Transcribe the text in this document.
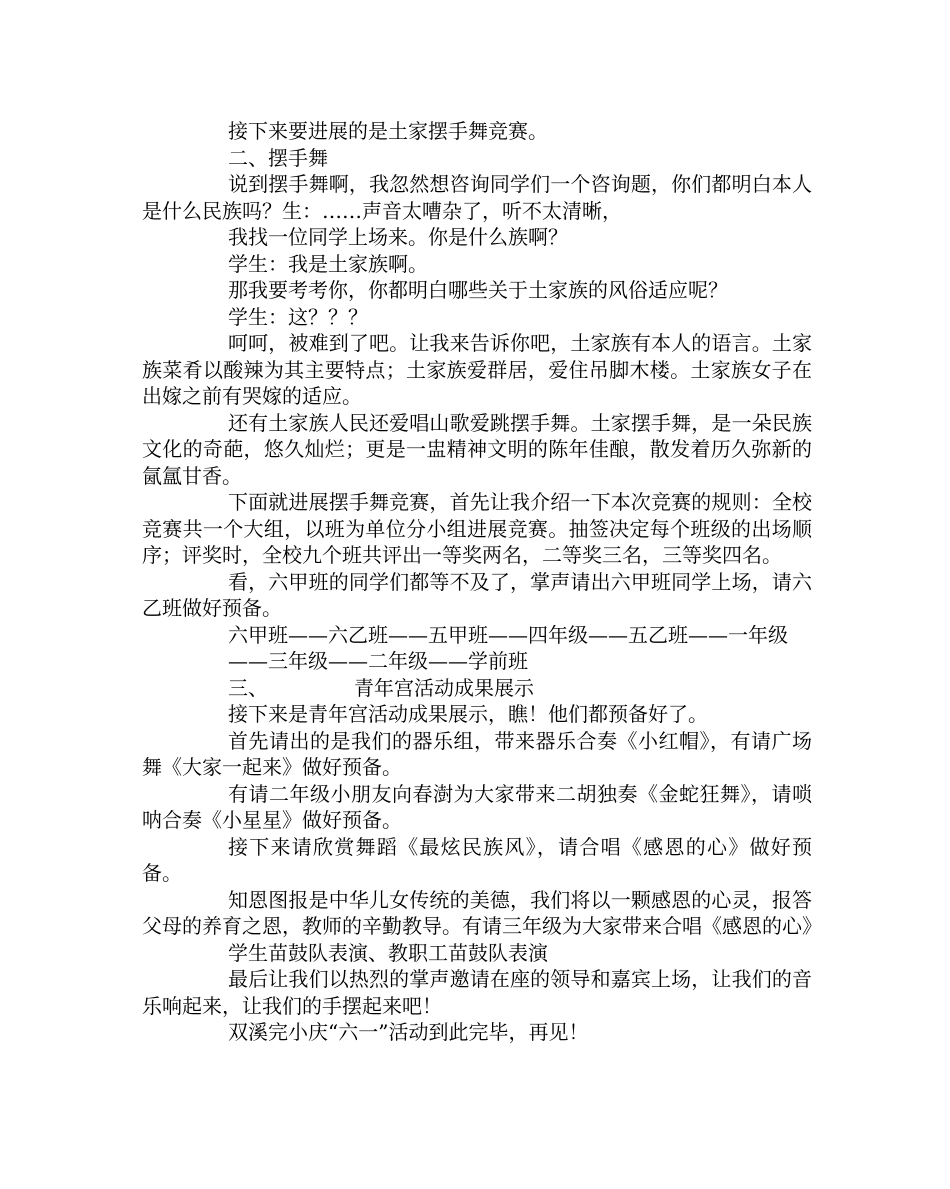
接下来要进展的是土家摆手舞竞赛。

二、摆手舞

说到摆手舞啊，我忽然想咨询同学们一个咨询题，你们都明白本人是什么民族吗？生：……声音太嘈杂了，听不太清晰，

我找一位同学上场来。你是什么族啊？

学生：我是土家族啊。

那我要考考你，你都明白哪些关于土家族的风俗适应呢？

学生：这？？？

呵呵，被难到了吧。让我来告诉你吧，土家族有本人的语言。土家族菜肴以酸辣为其主要特点；土家族爱群居，爱住吊脚木楼。土家族女子在出嫁之前有哭嫁的适应。

还有土家族人民还爱唱山歌爱跳摆手舞。土家摆手舞，是一朵民族文化的奇葩，悠久灿烂；更是一盅精神文明的陈年佳酿，散发着历久弥新的氤氲甘香。

下面就进展摆手舞竞赛，首先让我介绍一下本次竞赛的规则：全校竞赛共一个大组，以班为单位分小组进展竞赛。抽签决定每个班级的出场顺序；评奖时，全校九个班共评出一等奖两名，二等奖三名，三等奖四名。

看，六甲班的同学们都等不及了，掌声请出六甲班同学上场，请六乙班做好预备。

六甲班——六乙班——五甲班——四年级——五乙班——一年级

——三年级——二年级——学前班

三、	青年宫活动成果展示

接下来是青年宫活动成果展示，瞧！他们都预备好了。

首先请出的是我们的器乐组，带来器乐合奏《小红帽》，有请广场舞《大家一起来》做好预备。

有请二年级小朋友向春澍为大家带来二胡独奏《金蛇狂舞》，请唢呐合奏《小星星》做好预备。

接下来请欣赏舞蹈《最炫民族风》，请合唱《感恩的心》做好预备。

知恩图报是中华儿女传统的美德，我们将以一颗感恩的心灵，报答父母的养育之恩，教师的辛勤教导。有请三年级为大家带来合唱《感恩的心》

学生苗鼓队表演、教职工苗鼓队表演

最后让我们以热烈的掌声邀请在座的领导和嘉宾上场，让我们的音乐响起来，让我们的手摆起来吧！

双溪完小庆“六一”活动到此完毕，再见！
